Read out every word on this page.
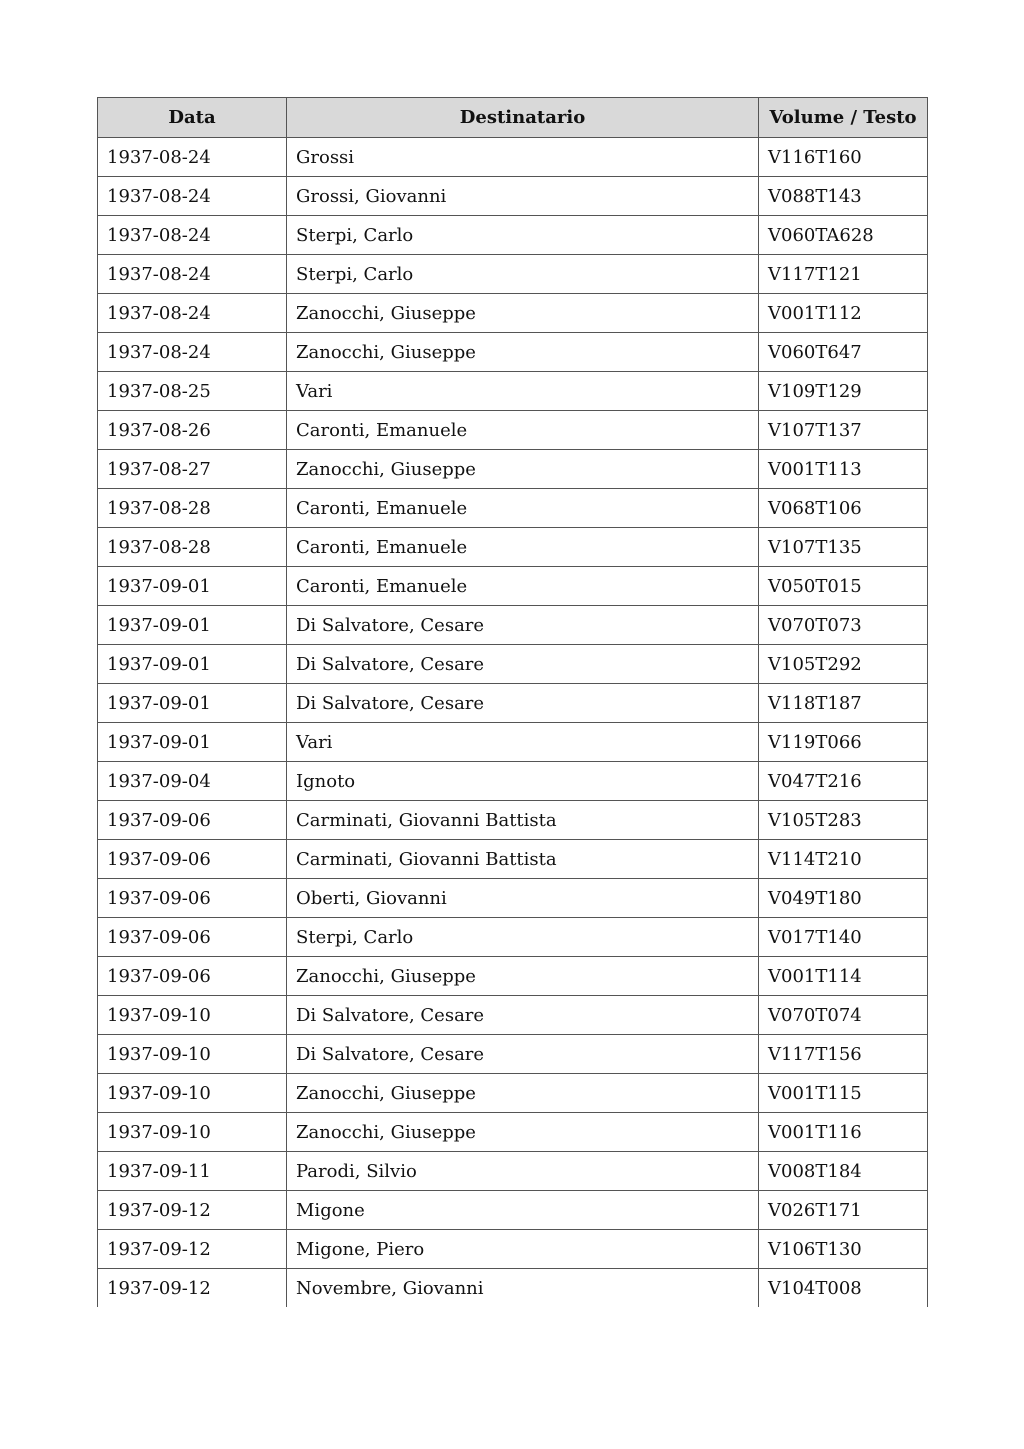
Data	Destinatario	Volume / Testo
1937-08-24	Grossi	V116T160
1937-08-24	Grossi, Giovanni	V088T143
1937-08-24	Sterpi, Carlo	V060TA628
1937-08-24	Sterpi, Carlo	V117T121
1937-08-24	Zanocchi, Giuseppe	V001T112
1937-08-24	Zanocchi, Giuseppe	V060T647
1937-08-25	Vari	V109T129
1937-08-26	Caronti, Emanuele	V107T137
1937-08-27	Zanocchi, Giuseppe	V001T113
1937-08-28	Caronti, Emanuele	V068T106
1937-08-28	Caronti, Emanuele	V107T135
1937-09-01	Caronti, Emanuele	V050T015
1937-09-01	Di Salvatore, Cesare	V070T073
1937-09-01	Di Salvatore, Cesare	V105T292
1937-09-01	Di Salvatore, Cesare	V118T187
1937-09-01	Vari	V119T066
1937-09-04	Ignoto	V047T216
1937-09-06	Carminati, Giovanni Battista	V105T283
1937-09-06	Carminati, Giovanni Battista	V114T210
1937-09-06	Oberti, Giovanni	V049T180
1937-09-06	Sterpi, Carlo	V017T140
1937-09-06	Zanocchi, Giuseppe	V001T114
1937-09-10	Di Salvatore, Cesare	V070T074
1937-09-10	Di Salvatore, Cesare	V117T156
1937-09-10	Zanocchi, Giuseppe	V001T115
1937-09-10	Zanocchi, Giuseppe	V001T116
1937-09-11	Parodi, Silvio	V008T184
1937-09-12	Migone	V026T171
1937-09-12	Migone, Piero	V106T130
1937-09-12	Novembre, Giovanni	V104T008
